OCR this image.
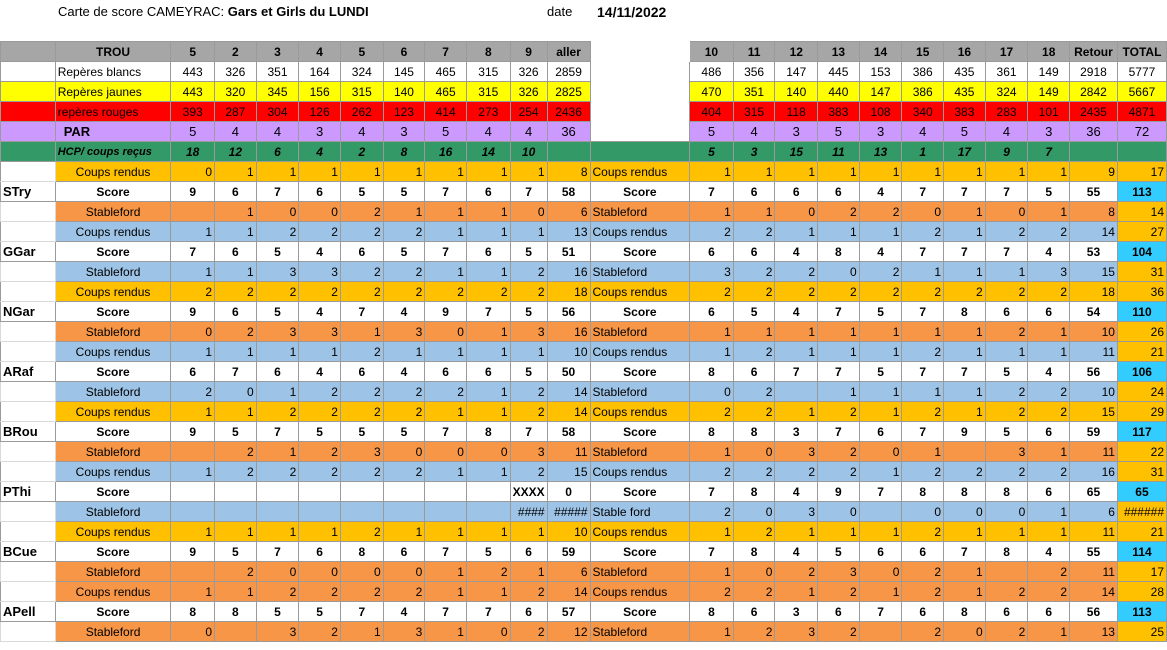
Carte de score CAMEYRAC: Gars et Girls du LUNDI	date 14/11/2022
	TROU	5	2	3	4	5	6	7	8	9	aller		10	11	12	13	14	15	16	17	18	Retour	TOTAL
	Repères blancs	443	326	351	164	324	145	465	315	326	2859		486	356	147	445	153	386	435	361	149	2918	5777
	Repères jaunes	443	320	345	156	315	140	465	315	326	2825		470	351	140	440	147	386	435	324	149	2842	5667
	repères rouges	393	287	304	126	262	123	414	273	254	2436		404	315	118	383	108	340	383	283	101	2435	4871
	PAR	5	4	4	3	4	3	5	4	4	36		5	4	3	5	3	4	5	4	3	36	72
	HCP/ coups reçus	18	12	6	4	2	8	16	14	10			5	3	15	11	13	1	17	9	7		
	Coups rendus	0	1	1	1	1	1	1	1	1	8	Coups rendus	1	1	1	1	1	1	1	1	1	9	17
STry	Score	9	6	7	6	5	5	7	6	7	58	Score	7	6	6	6	4	7	7	7	5	55	113
	Stableford		1	0	0	2	1	1	1	0	6	Stableford	1	1	0	2	2	0	1	0	1	8	14
	Coups rendus	1	1	2	2	2	2	1	1	1	13	Coups rendus	2	2	1	1	1	2	1	2	2	14	27
GGar	Score	7	6	5	4	6	5	7	6	5	51	Score	6	6	4	8	4	7	7	7	4	53	104
	Stableford	1	1	3	3	2	2	1	1	2	16	Stableford	3	2	2	0	2	1	1	1	3	15	31
	Coups rendus	2	2	2	2	2	2	2	2	2	18	Coups rendus	2	2	2	2	2	2	2	2	2	18	36
NGar	Score	9	6	5	4	7	4	9	7	5	56	Score	6	5	4	7	5	7	8	6	6	54	110
	Stableford	0	2	3	3	1	3	0	1	3	16	Stableford	1	1	1	1	1	1	1	2	1	10	26
	Coups rendus	1	1	1	1	2	1	1	1	1	10	Coups rendus	1	2	1	1	1	2	1	1	1	11	21
ARaf	Score	6	7	6	4	6	4	6	6	5	50	Score	8	6	7	7	5	7	7	5	4	56	106
	Stableford	2	0	1	2	2	2	2	1	2	14	Stableford	0	2		1	1	1	1	2	2	10	24
	Coups rendus	1	1	2	2	2	2	1	1	2	14	Coups rendus	2	2	1	2	1	2	1	2	2	15	29
BRou	Score	9	5	7	5	5	5	7	8	7	58	Score	8	8	3	7	6	7	9	5	6	59	117
	Stableford		2	1	2	3	0	0	0	3	11	Stableford	1	0	3	2	0	1		3	1	11	22
	Coups rendus	1	2	2	2	2	2	1	1	2	15	Coups rendus	2	2	2	2	1	2	2	2	2	16	31
PThi	Score									XXXX	0	Score	7	8	4	9	7	8	8	8	6	65	65
	Stableford									####	#####	Stable ford	2	0	3	0		0	0	0	1	6	######
	Coups rendus	1	1	1	1	2	1	1	1	1	10	Coups rendus	1	2	1	1	1	2	1	1	1	11	21
BCue	Score	9	5	7	6	8	6	7	5	6	59	Score	7	8	4	5	6	6	7	8	4	55	114
	Stableford		2	0	0	0	0	1	2	1	6	Stableford	1	0	2	3	0	2	1		2	11	17
	Coups rendus	1	1	2	2	2	2	1	1	2	14	Coups rendus	2	2	1	2	1	2	1	2	2	14	28
APell	Score	8	8	5	5	7	4	7	7	6	57	Score	8	6	3	6	7	6	8	6	6	56	113
	Stableford	0		3	2	1	3	1	0	2	12	Stableford	1	2	3	2		2	0	2	1	13	25
